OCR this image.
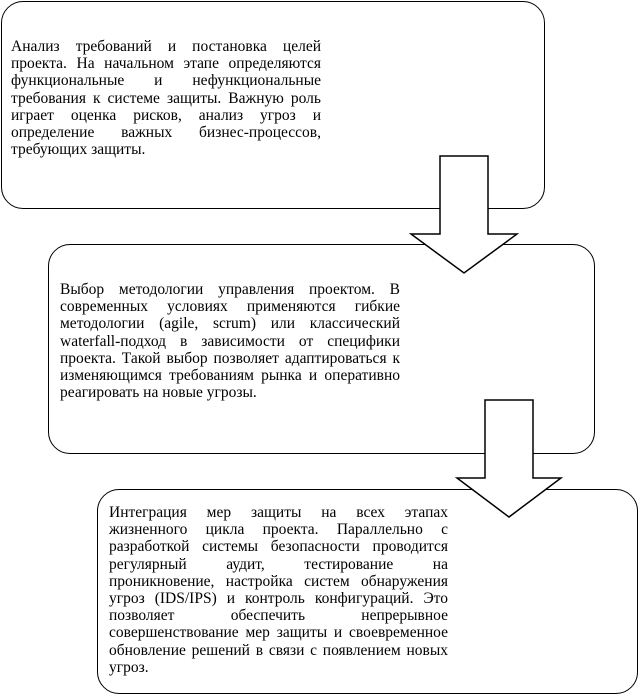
Анализ требований и постановка целей проекта. На начальном этапе определяются функциональные и нефункциональные требования к системе защиты. Важную роль играет оценка рисков, анализ угроз и определение важных бизнес-процессов, требующих защиты.

Выбор методологии управления проектом. В современных условиях применяются гибкие методологии (agile, scrum) или классический waterfall-подход в зависимости от специфики проекта. Такой выбор позволяет адаптироваться к изменяющимся требованиям рынка и оперативно реагировать на новые угрозы.

Интеграция мер защиты на всех этапах жизненного цикла проекта. Параллельно с разработкой системы безопасности проводится регулярный аудит, тестирование на проникновение, настройка систем обнаружения угроз (IDS/IPS) и контроль конфигураций. Это позволяет обеспечить непрерывное совершенствование мер защиты и своевременное обновление решений в связи с появлением новых угроз.
